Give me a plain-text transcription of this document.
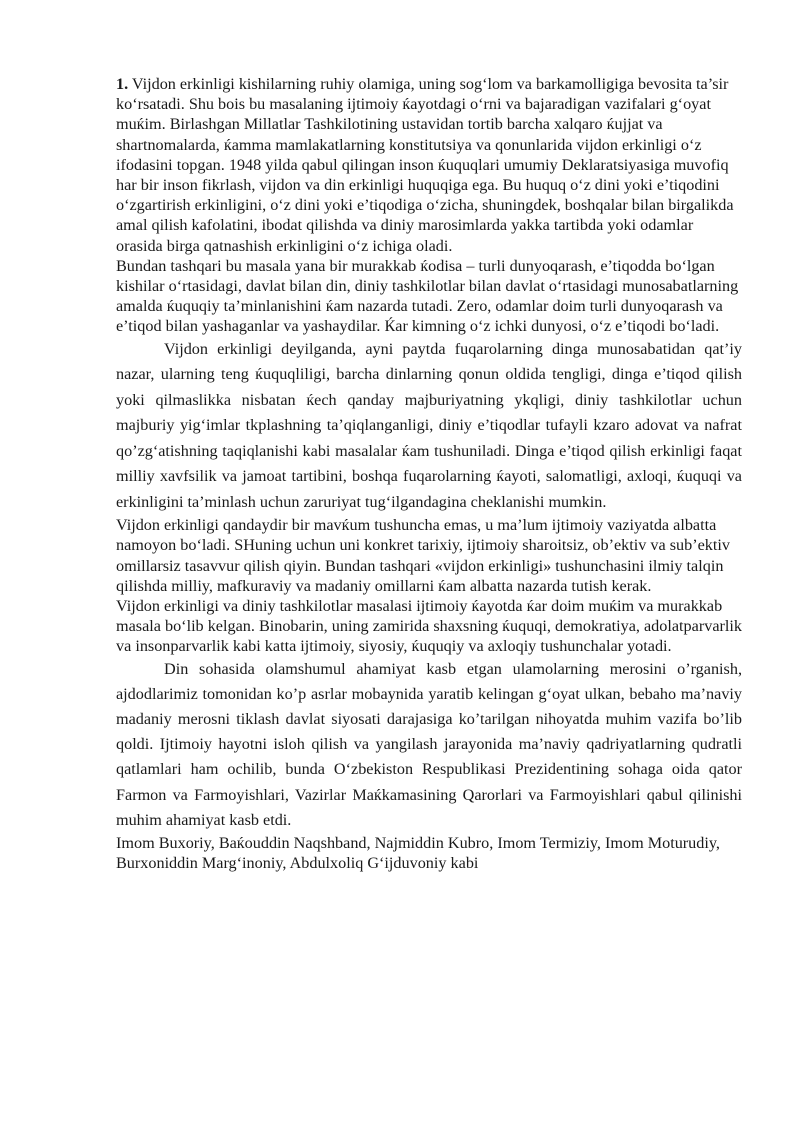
1. Vijdon erkinligi kishilarning ruhiy olamiga, uning sog‘lom va barkamolligiga bevosita ta’sir ko‘rsatadi. Shu bois bu masalaning ijtimoiy ќayotdagi o‘rni va bajaradigan vazifalari g‘oyat muќim. Birlashgan Millatlar Tashkilotining ustavidan tortib barcha xalqaro ќujjat va shartnomalarda, ќamma mamlakatlarning konstitutsiya va qonunlarida vijdon erkinligi o‘z ifodasini topgan. 1948 yilda qabul qilingan inson ќuquqlari umumiy Deklaratsiyasiga muvofiq har bir inson fikrlash, vijdon va din erkinligi huquqiga ega. Bu huquq o‘z dini yoki e’tiqodini o‘zgartirish erkinligini, o‘z dini yoki e’tiqodiga o‘zicha, shuningdek, boshqalar bilan birgalikda amal qilish kafolatini, ibodat qilishda va diniy marosimlarda yakka tartibda yoki odamlar orasida birga qatnashish erkinligini o‘z ichiga oladi.

Bundan tashqari bu masala yana bir murakkab ќodisa – turli dunyoqarash, e’tiqodda bo‘lgan kishilar o‘rtasidagi, davlat bilan din, diniy tashkilotlar bilan davlat o‘rtasidagi munosabatlarning amalda ќuquqiy ta’minlanishini ќam nazarda tutadi. Zero, odamlar doim turli dunyoqarash va e’tiqod bilan yashaganlar va yashaydilar. Ќar kimning o‘z ichki dunyosi, o‘z e’tiqodi bo‘ladi.

Vijdon erkinligi deyilganda, ayni paytda fuqarolarning dinga munosabatidan qat’iy nazar, ularning teng ќuquqliligi, barcha dinlarning qonun oldida tengligi, dinga e’tiqod qilish yoki qilmaslikka nisbatan ќech qanday majburiyatning ykqligi, diniy tashkilotlar uchun majburiy yig‘imlar tkplashning ta’qiqlanganligi, diniy e’tiqodlar tufayli kzaro adovat va nafrat qo’zg‘atishning taqiqlanishi kabi masalalar ќam tushuniladi. Dinga e’tiqod qilish erkinligi faqat milliy xavfsilik va jamoat tartibini, boshqa fuqarolarning ќayoti, salomatligi, axloqi, ќuquqi va erkinligini ta’minlash uchun zaruriyat tug‘ilgandagina cheklanishi mumkin.

Vijdon erkinligi qandaydir bir mavќum tushuncha emas, u ma’lum ijtimoiy vaziyatda albatta namoyon bo‘ladi. SHuning uchun uni konkret tarixiy, ijtimoiy sharoitsiz, ob’ektiv va sub’ektiv omillarsiz tasavvur qilish qiyin. Bundan tashqari «vijdon erkinligi» tushunchasini ilmiy talqin qilishda milliy, mafkuraviy va madaniy omillarni ќam albatta nazarda tutish kerak.

Vijdon erkinligi va diniy tashkilotlar masalasi ijtimoiy ќayotda ќar doim muќim va murakkab masala bo‘lib kelgan. Binobarin, uning zamirida shaxsning ќuquqi, demokratiya, adolatparvarlik va insonparvarlik kabi katta ijtimoiy, siyosiy, ќuquqiy va axloqiy tushunchalar yotadi.

Din sohasida olamshumul ahamiyat kasb etgan ulamolarning merosini o’rganish, ajdodlarimiz tomonidan ko’p asrlar mobaynida yaratib kelingan g‘oyat ulkan, bebaho ma’naviy madaniy merosni tiklash davlat siyosati darajasiga ko’tarilgan nihoyatda muhim vazifa bo’lib qoldi. Ijtimoiy hayotni isloh qilish va yangilash jarayonida ma’naviy qadriyatlarning qudratli qatlamlari ham ochilib, bunda O‘zbekiston Respublikasi Prezidentining sohaga oida qator Farmon va Farmoyishlari, Vazirlar Maќkamasining Qarorlari va Farmoyishlari qabul qilinishi muhim ahamiyat kasb etdi.

Imom Buxoriy, Baќouddin Naqshband, Najmiddin Kubro, Imom Termiziy, Imom Moturudiy, Burxoniddin Marg‘inoniy, Abdulxoliq G‘ijduvoniy kabi
